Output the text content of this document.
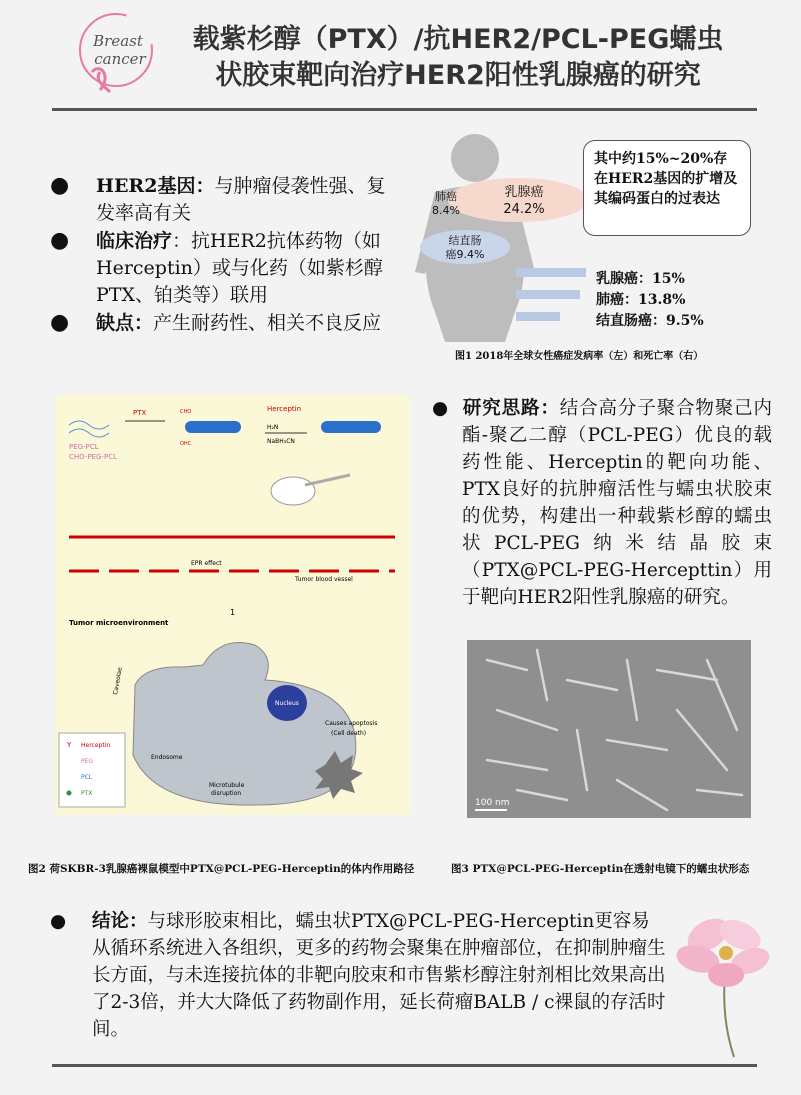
Breast
cancer
载紫杉醇（PTX）/抗HER2/PCL-PEG蠕虫
状胶束靶向治疗HER2阳性乳腺癌的研究
● HER2基因：与肿瘤侵袭性强、复发率高有关
● 临床治疗：抗HER2抗体药物（如Herceptin）或与化药（如紫杉醇PTX、铂类等）联用
● 缺点：产生耐药性、相关不良反应
肺癌
8.4%
乳腺癌
24.2%
结直肠
癌9.4%
其中约15%~20%存在HER2基因的扩增及其编码蛋白的过表达
乳腺癌：15%
肺癌：13.8%
结直肠癌：9.5%
图1 2018年全球女性癌症发病率（左）和死亡率（右）
PEG-PCL
CHO-PEG-PCL
PTX	CHO
OHC
Herceptin
H₂N
NaBH₃CN
EPR effect
Tumor blood vessel
Tumor microenvironment
1
Caveolae
Nucleus
Endosome
Microtubule
disruption
Causes apoptosis
(Cell death)
Y Herceptin
PEG
PCL
PTX
图2 荷SKBR-3乳腺癌裸鼠模型中PTX@PCL-PEG-Herceptin的体内作用路径
● 研究思路：结合高分子聚合物聚己内酯-聚乙二醇（PCL-PEG）优良的载药性能、Herceptin的靶向功能、PTX良好的抗肿瘤活性与蠕虫状胶束的优势，构建出一种载紫杉醇的蠕虫状PCL-PEG纳米结晶胶束（PTX@PCL-PEG-Hercepttin）用于靶向HER2阳性乳腺癌的研究。
100 nm
图3 PTX@PCL-PEG-Herceptin在透射电镜下的蠕虫状形态
● 结论：与球形胶束相比，蠕虫状PTX@PCL-PEG-Herceptin更容易从循环系统进入各组织，更多的药物会聚集在肿瘤部位，在抑制肿瘤生长方面，与未连接抗体的非靶向胶束和市售紫杉醇注射剂相比效果高出了2-3倍，并大大降低了药物副作用，延长荷瘤BALB / c裸鼠的存活时间。
